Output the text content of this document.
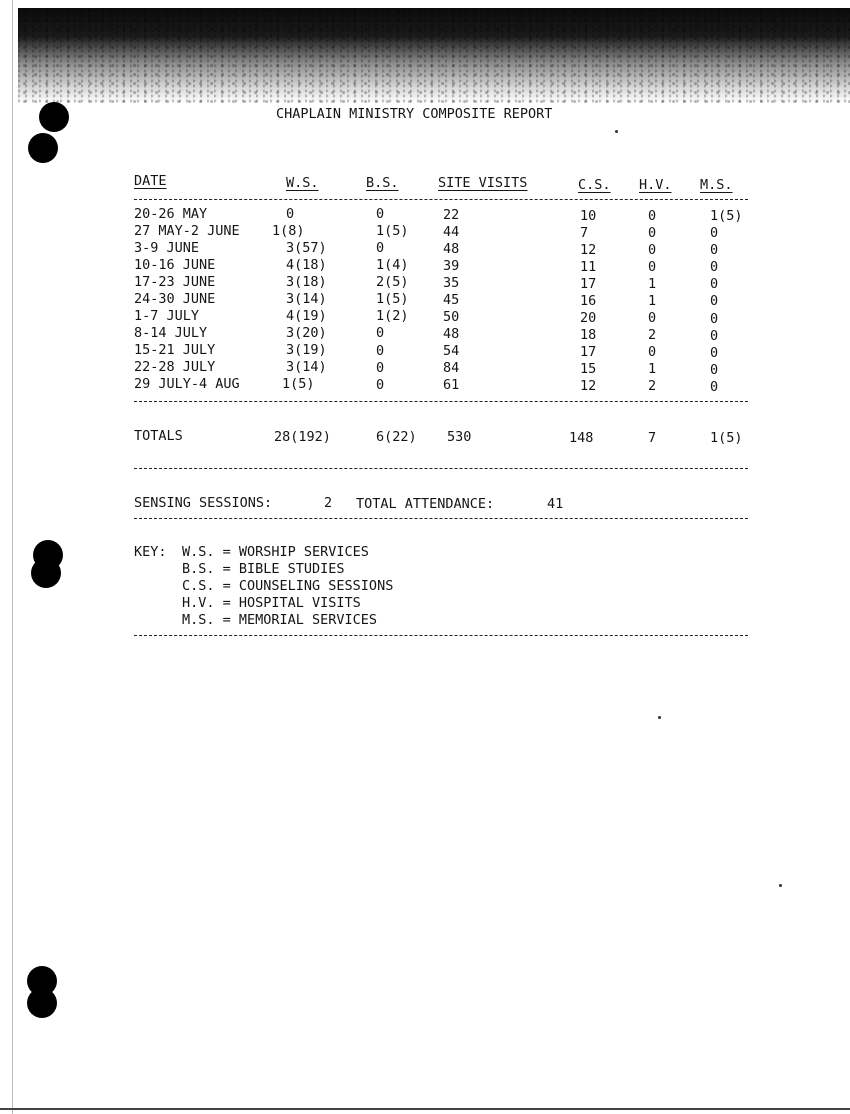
CHAPLAIN MINISTRY COMPOSITE REPORT
DATE	W.S.	B.S.	SITE VISITS	C.S. H.V. M.S.
20-26 MAY	0	0	22	10	0	1(5)
27 MAY-2 JUNE 1(8)	1(5)	44	7	0	0
3-9 JUNE	3(57)	0	48	12	0	0
10-16 JUNE	4(18)	1(4)	39	11	0	0
17-23 JUNE	3(18)	2(5)	35	17	1	0
24-30 JUNE	3(14)	1(5)	45	16	1	0
1-7 JULY	4(19)	1(2)	50	20	0	0
8-14 JULY	3(20)	0	48	18	2	0
15-21 JULY	3(19)	0	54	17	0	0
22-28 JULY	3(14)	0	84	15	1	0
29 JULY-4 AUG	1(5)	0	61	12	2	0
TOTALS	28(192)	6(22) 530	148	7	1(5)
SENSING SESSIONS:	2 TOTAL ATTENDANCE:	41
KEY: W.S. = WORSHIP SERVICES
B.S. = BIBLE STUDIES
C.S. = COUNSELING SESSIONS
H.V. = HOSPITAL VISITS
M.S. = MEMORIAL SERVICES
